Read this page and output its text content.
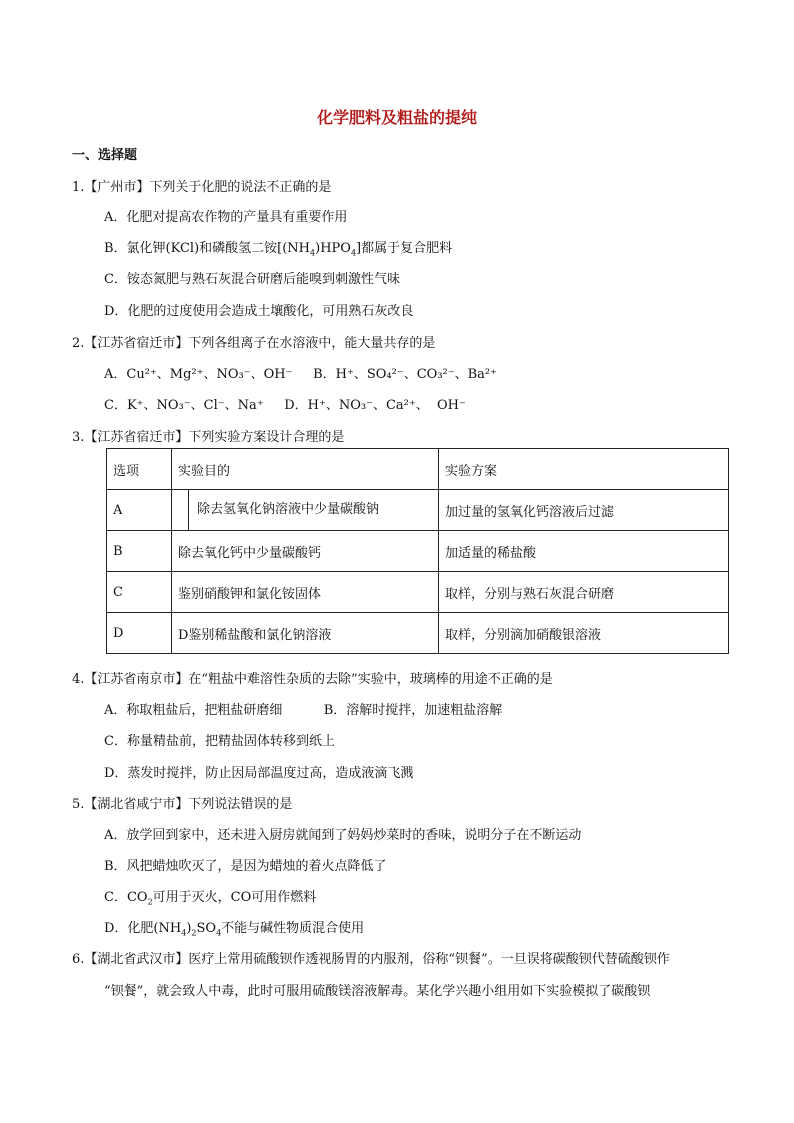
化学肥料及粗盐的提纯
一、选择题
1.【广州市】下列关于化肥的说法不正确的是
A．化肥对提高农作物的产量具有重要作用
B．氯化钾(KCl)和磷酸氢二铵$[(NH_4)HPO_4]$都属于复合肥料
C．铵态氮肥与熟石灰混合研磨后能嗅到刺激性气味
D．化肥的过度使用会造成土壤酸化，可用熟石灰改良
2.【江苏省宿迁市】下列各组离子在水溶液中，能大量共存的是
A．Cu²⁺、Mg²⁺、NO₃⁻、OH⁻     B．H⁺、SO₄²⁻、CO₃²⁻、Ba²⁺
C．K⁺、NO₃⁻、Cl⁻、Na⁺     D．H⁺、NO₃⁻、Ca²⁺、  OH⁻
3.【江苏省宿迁市】下列实验方案设计合理的是
选项	实验目的	实验方案
A	除去氢氧化钠溶液中少量碳酸钠	加过量的氢氧化钙溶液后过滤
B	除去氧化钙中少量碳酸钙	加适量的稀盐酸
C	鉴别硝酸钾和氯化铵固体	取样，分别与熟石灰混合研磨
D	D鉴别稀盐酸和氯化钠溶液	取样，分别滴加硝酸银溶液
4.【江苏省南京市】在“粗盐中难溶性杂质的去除”实验中，玻璃棒的用途不正确的是
A．称取粗盐后，把粗盐研磨细          B．溶解时搅拌，加速粗盐溶解
C．称量精盐前，把精盐固体转移到纸上
D．蒸发时搅拌，防止因局部温度过高，造成液滴飞溅
5.【湖北省咸宁市】下列说法错误的是
A．放学回到家中，还未进入厨房就闻到了妈妈炒菜时的香味，说明分子在不断运动
B．风把蜡烛吹灭了，是因为蜡烛的着火点降低了
C．$CO_2$可用于灭火，CO可用作燃料
D．化肥$(NH_4)_2SO_4$不能与碱性物质混合使用
6.【湖北省武汉市】医疗上常用硫酸钡作透视肠胃的内服剂，俗称“钡餐”。一旦误将碳酸钡代替硫酸钡作
“钡餐”，就会致人中毒，此时可服用硫酸镁溶液解毒。某化学兴趣小组用如下实验模拟了碳酸钡
